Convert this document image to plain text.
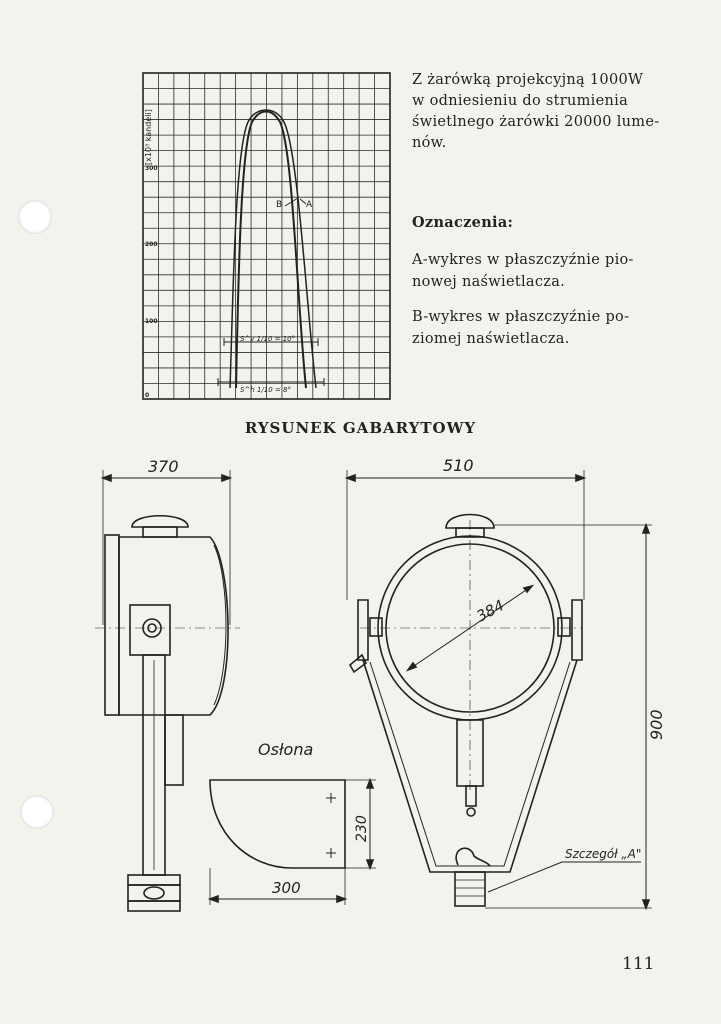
[x10³ kandeli]
300
200
100
0
B	A
S^v 1/10 = 10°
S^h 1/10 = 8°
370
Osłona
230
300
510
384
900
Szczegół „A"
Z żarówką projekcyjną 1000W
w odniesieniu do strumienia
świetlnego żarówki 20000 lume-
nów.
Oznaczenia:
A-wykres w płaszczyźnie pio-
nowej naświetlacza.
B-wykres w płaszczyźnie po-
ziomej naświetlacza.
RYSUNEK GABARYTOWY
111
